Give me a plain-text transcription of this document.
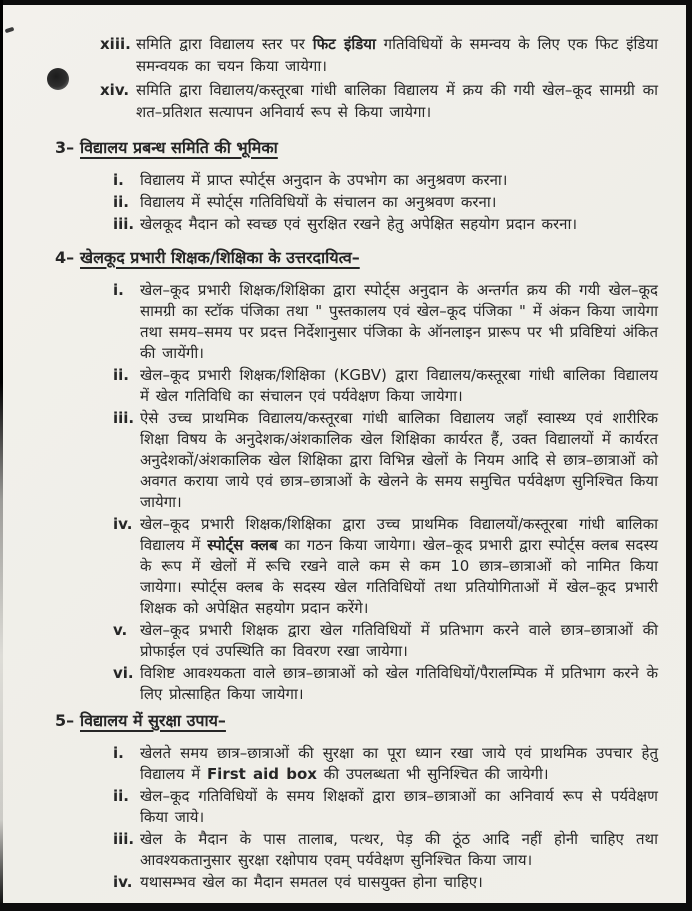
xiii. समिति द्वारा विद्यालय स्तर पर फिट इंडिया गतिविधियों के समन्वय के लिए एक फिट इंडिया समन्वयक का चयन किया जायेगा।
xiv. समिति द्वारा विद्यालय/कस्तूरबा गांधी बालिका विद्यालय में क्रय की गयी खेल–कूद सामग्री का शत–प्रतिशत सत्यापन अनिवार्य रूप से किया जायेगा।
3– विद्यालय प्रबन्ध समिति की भूमिका
i.	विद्यालय में प्राप्त स्पोर्ट्स अनुदान के उपभोग का अनुश्रवण करना।
ii. विद्यालय में स्पोर्ट्स गतिविधियों के संचालन का अनुश्रवण करना।
iii. खेलकूद मैदान को स्वच्छ एवं सुरक्षित रखने हेतु अपेक्षित सहयोग प्रदान करना।
4– खेलकूद प्रभारी शिक्षक/शिक्षिका के उत्तरदायित्व–
i.	खेल–कूद प्रभारी शिक्षक/शिक्षिका द्वारा स्पोर्ट्स अनुदान के अन्तर्गत क्रय की गयी खेल–कूद सामग्री का स्टॉक पंजिका तथा " पुस्तकालय एवं खेल–कूद पंजिका " में अंकन किया जायेगा तथा समय–समय पर प्रदत्त निर्देशानुसार पंजिका के ऑनलाइन प्रारूप पर भी प्रविष्टियां अंकित की जायेंगी।
ii. खेल–कूद प्रभारी शिक्षक/शिक्षिका (KGBV) द्वारा विद्यालय/कस्तूरबा गांधी बालिका विद्यालय में खेल गतिविधि का संचालन एवं पर्यवेक्षण किया जायेगा।
iii. ऐसे उच्च प्राथमिक विद्यालय/कस्तूरबा गांधी बालिका विद्यालय जहाँ स्वास्थ्य एवं शारीरिक शिक्षा विषय के अनुदेशक/अंशकालिक खेल शिक्षिका कार्यरत हैं, उक्त विद्यालयों में कार्यरत अनुदेशकों/अंशकालिक खेल शिक्षिका द्वारा विभिन्न खेलों के नियम आदि से छात्र–छात्राओं को अवगत कराया जाये एवं छात्र–छात्राओं के खेलने के समय समुचित पर्यवेक्षण सुनिश्चित किया जायेगा।
iv. खेल–कूद प्रभारी शिक्षक/शिक्षिका द्वारा उच्च प्राथमिक विद्यालयों/कस्तूरबा गांधी बालिका विद्यालय में स्पोर्ट्स क्लब का गठन किया जायेगा। खेल–कूद प्रभारी द्वारा स्पोर्ट्स क्लब सदस्य के रूप में खेलों में रूचि रखने वाले कम से कम 10 छात्र–छात्राओं को नामित किया जायेगा। स्पोर्ट्स क्लब के सदस्य खेल गतिविधियों तथा प्रतियोगिताओं में खेल–कूद प्रभारी शिक्षक को अपेक्षित सहयोग प्रदान करेंगे।
v. खेल–कूद प्रभारी शिक्षक द्वारा खेल गतिविधियों में प्रतिभाग करने वाले छात्र–छात्राओं की प्रोफाईल एवं उपस्थिति का विवरण रखा जायेगा।
vi. विशिष्ट आवश्यकता वाले छात्र–छात्राओं को खेल गतिविधियों/पैरालम्पिक में प्रतिभाग करने के लिए प्रोत्साहित किया जायेगा।
5– विद्यालय में सुरक्षा उपाय–
i.	खेलते समय छात्र–छात्राओं की सुरक्षा का पूरा ध्यान रखा जाये एवं प्राथमिक उपचार हेतु विद्यालय में First aid box की उपलब्धता भी सुनिश्चित की जायेगी।
ii. खेल–कूद गतिविधियों के समय शिक्षकों द्वारा छात्र–छात्राओं का अनिवार्य रूप से पर्यवेक्षण किया जाये।
iii. खेल के मैदान के पास तालाब, पत्थर, पेड़ की ठूंठ आदि नहीं होनी चाहिए तथा आवश्यकतानुसार सुरक्षा रक्षोपाय एवम् पर्यवेक्षण सुनिश्चित किया जाय।
iv. यथासम्भव खेल का मैदान समतल एवं घासयुक्त होना चाहिए।
